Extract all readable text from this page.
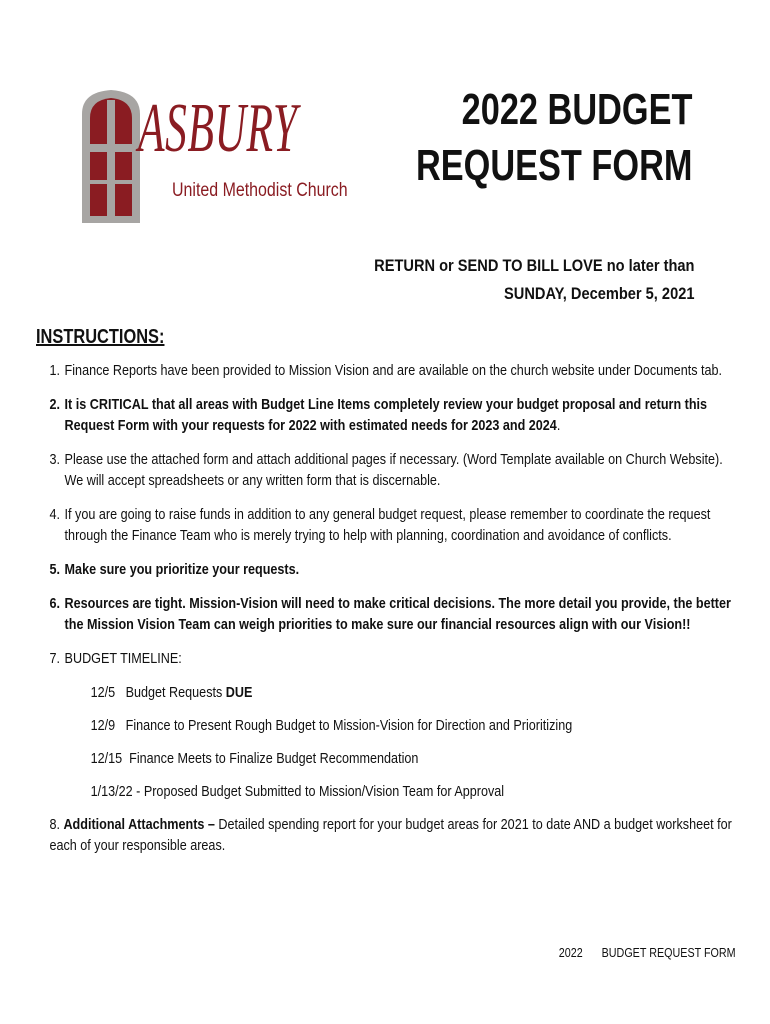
ASBURY
United Methodist Church
2022 BUDGET
REQUEST FORM
RETURN or SEND TO BILL LOVE no later than
SUNDAY, December 5, 2021
INSTRUCTIONS:
1. Finance Reports have been provided to Mission Vision and are available on the church website under Documents tab.
2. It is CRITICAL that all areas with Budget Line Items completely review your budget proposal and return this Request Form with your requests for 2022 with estimated needs for 2023 and 2024.
3. Please use the attached form and attach additional pages if necessary. (Word Template available on Church Website). We will accept spreadsheets or any written form that is discernable.
4. If you are going to raise funds in addition to any general budget request, please remember to coordinate the request through the Finance Team who is merely trying to help with planning, coordination and avoidance of conflicts.
5. Make sure you prioritize your requests.
6. Resources are tight. Mission-Vision will need to make critical decisions. The more detail you provide, the better the Mission Vision Team can weigh priorities to make sure our financial resources align with our Vision!!
7. BUDGET TIMELINE:
12/5   Budget Requests DUE
12/9   Finance to Present Rough Budget to Mission-Vision for Direction and Prioritizing
12/15  Finance Meets to Finalize Budget Recommendation
1/13/22 - Proposed Budget Submitted to Mission/Vision Team for Approval
8. Additional Attachments – Detailed spending report for your budget areas for 2021 to date AND a budget worksheet for each of your responsible areas.
2022 BUDGET REQUEST FORM
